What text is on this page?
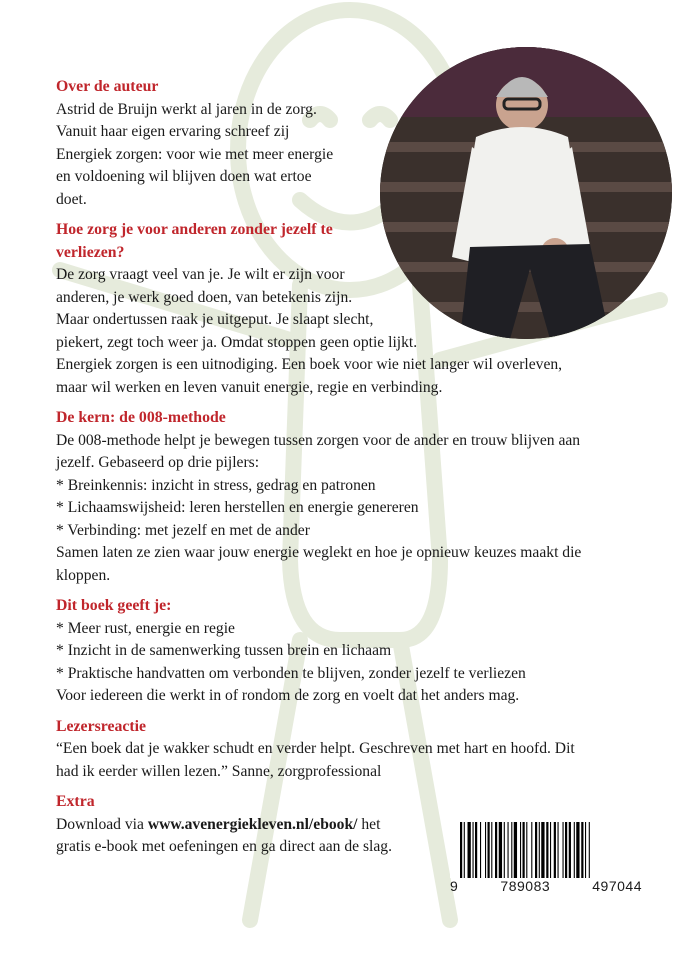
Over de auteur

Astrid de Bruijn werkt al jaren in de zorg.

Vanuit haar eigen ervaring schreef zij

Energiek zorgen: voor wie met meer energie

en voldoening wil blijven doen wat ertoe

doet.

Hoe zorg je voor anderen zonder jezelf te
verliezen?

De zorg vraagt veel van je. Je wilt er zijn voor

anderen, je werk goed doen, van betekenis zijn.

Maar ondertussen raak je uitgeput. Je slaapt slecht,

piekert, zegt toch weer ja. Omdat stoppen geen optie lijkt.

Energiek zorgen is een uitnodiging. Een boek voor wie niet langer wil overleven,

maar wil werken en leven vanuit energie, regie en verbinding.

De kern: de 008-methode

De 008-methode helpt je bewegen tussen zorgen voor de ander en trouw blijven aan

jezelf. Gebaseerd op drie pijlers:

* Breinkennis: inzicht in stress, gedrag en patronen

* Lichaamswijsheid: leren herstellen en energie genereren

* Verbinding: met jezelf en met de ander

Samen laten ze zien waar jouw energie weglekt en hoe je opnieuw keuzes maakt die

kloppen.

Dit boek geeft je:

* Meer rust, energie en regie

* Inzicht in de samenwerking tussen brein en lichaam

* Praktische handvatten om verbonden te blijven, zonder jezelf te verliezen

Voor iedereen die werkt in of rondom de zorg en voelt dat het anders mag.

Lezersreactie

“Een boek dat je wakker schudt en verder helpt. Geschreven met hart en hoofd. Dit

had ik eerder willen lezen.” Sanne, zorgprofessional

Extra

Download via www.avenergiekleven.nl/ebook/ het

gratis e-book met oefeningen en ga direct aan de slag.

9	789083	497044
